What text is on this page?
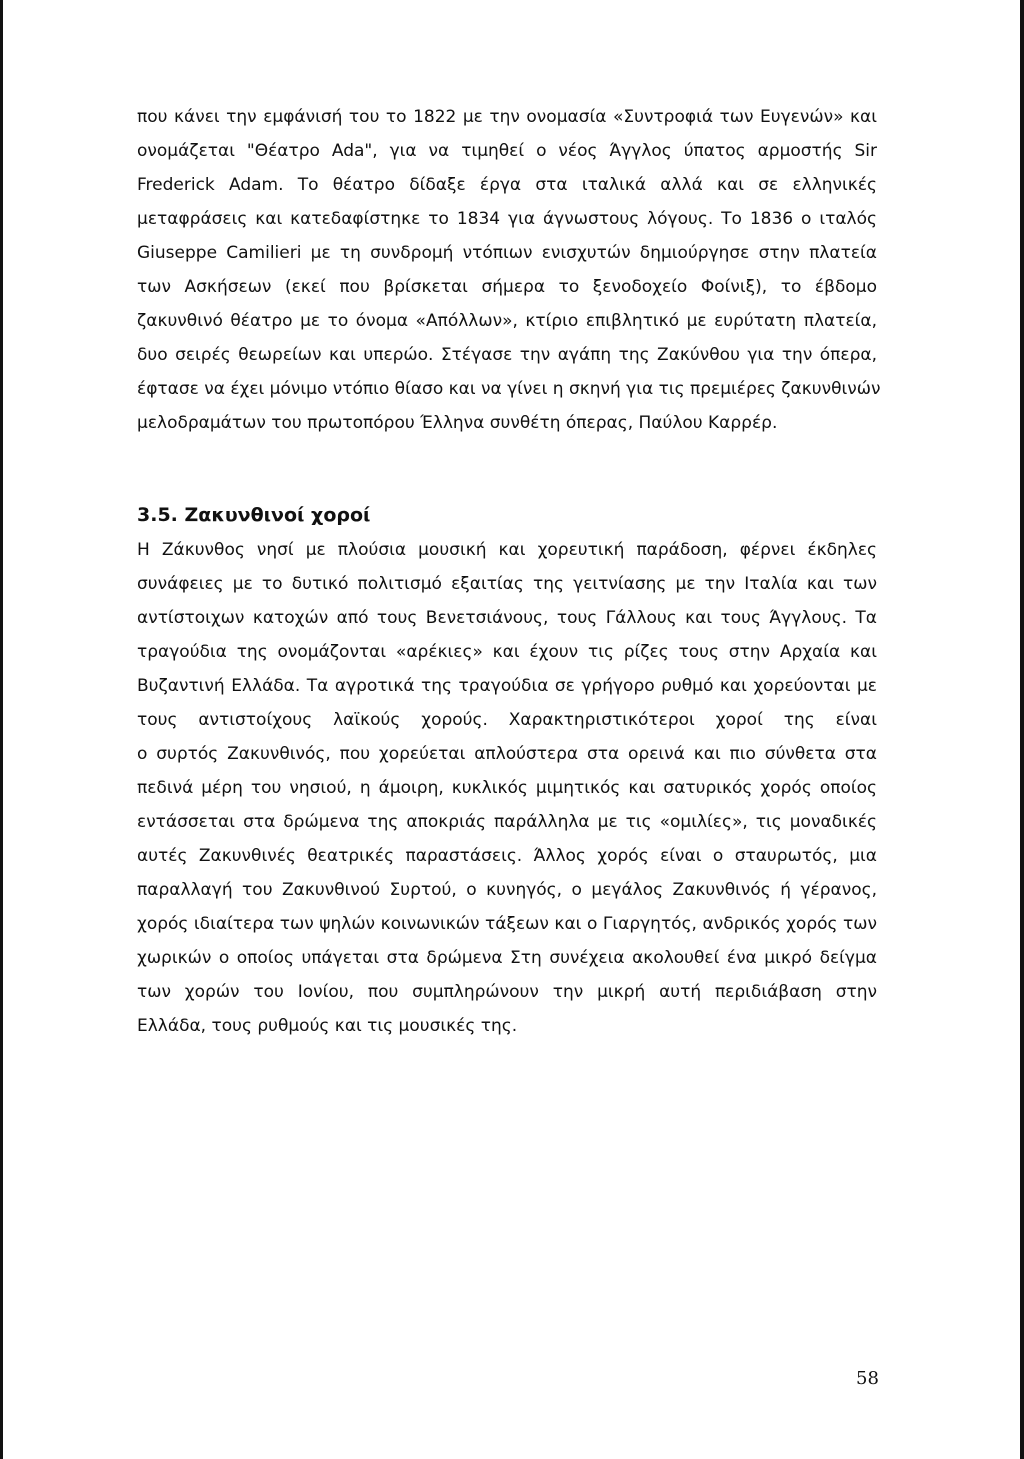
που κάνει την εμφάνισή του το 1822 με την ονομασία «Συντροφιά των Ευγενών» και
ονομάζεται "Θέατρο Ada", για να τιμηθεί ο νέος Άγγλος ύπατος αρμοστής Sir
Frederick Adam. Το θέατρο δίδαξε έργα στα ιταλικά αλλά και σε ελληνικές
μεταφράσεις και κατεδαφίστηκε το 1834 για άγνωστους λόγους. Το 1836 ο ιταλός
Giuseppe Camilieri με τη συνδρομή ντόπιων ενισχυτών δημιούργησε στην πλατεία
των Ασκήσεων (εκεί που βρίσκεται σήμερα το ξενοδοχείο Φοίνιξ), το έβδομο
ζακυνθινό θέατρο με το όνομα «Απόλλων», κτίριο επιβλητικό με ευρύτατη πλατεία,
δυο σειρές θεωρείων και υπερώο. Στέγασε την αγάπη της Ζακύνθου για την όπερα,
έφτασε να έχει μόνιμο ντόπιο θίασο και να γίνει η σκηνή για τις πρεμιέρες ζακυνθινών
μελοδραμάτων του πρωτοπόρου Έλληνα συνθέτη όπερας, Παύλου Καρρέρ.
3.5. Ζακυνθινοί χοροί
Η Ζάκυνθος νησί με πλούσια μουσική και χορευτική παράδοση, φέρνει έκδηλες
συνάφειες με το δυτικό πολιτισμό εξαιτίας της γειτνίασης με την Ιταλία και των
αντίστοιχων κατοχών από τους Βενετσιάνους, τους Γάλλους και τους Άγγλους. Τα
τραγούδια της ονομάζονται «αρέκιες» και έχουν τις ρίζες τους στην Αρχαία και
Βυζαντινή Ελλάδα. Τα αγροτικά της τραγούδια σε γρήγορο ρυθμό και χορεύονται με
τους αντιστοίχους λαϊκούς χορούς. Χαρακτηριστικότεροι χοροί της είναι
ο συρτός Ζακυνθινός, που χορεύεται απλούστερα στα ορεινά και πιο σύνθετα στα
πεδινά μέρη του νησιού, η άμοιρη, κυκλικός μιμητικός και σατυρικός χορός οποίος
εντάσσεται στα δρώμενα της αποκριάς παράλληλα με τις «ομιλίες», τις μοναδικές
αυτές Ζακυνθινές θεατρικές παραστάσεις. Άλλος χορός είναι ο σταυρωτός, μια
παραλλαγή του Ζακυνθινού Συρτού, ο κυνηγός, ο μεγάλος Ζακυνθινός ή γέρανος,
χορός ιδιαίτερα των ψηλών κοινωνικών τάξεων και ο Γιαργητός, ανδρικός χορός των
χωρικών ο οποίος υπάγεται στα δρώμενα Στη συνέχεια ακολουθεί ένα μικρό δείγμα
των χορών του Ιονίου, που συμπληρώνουν την μικρή αυτή περιδιάβαση στην
Ελλάδα, τους ρυθμούς και τις μουσικές της.
58
